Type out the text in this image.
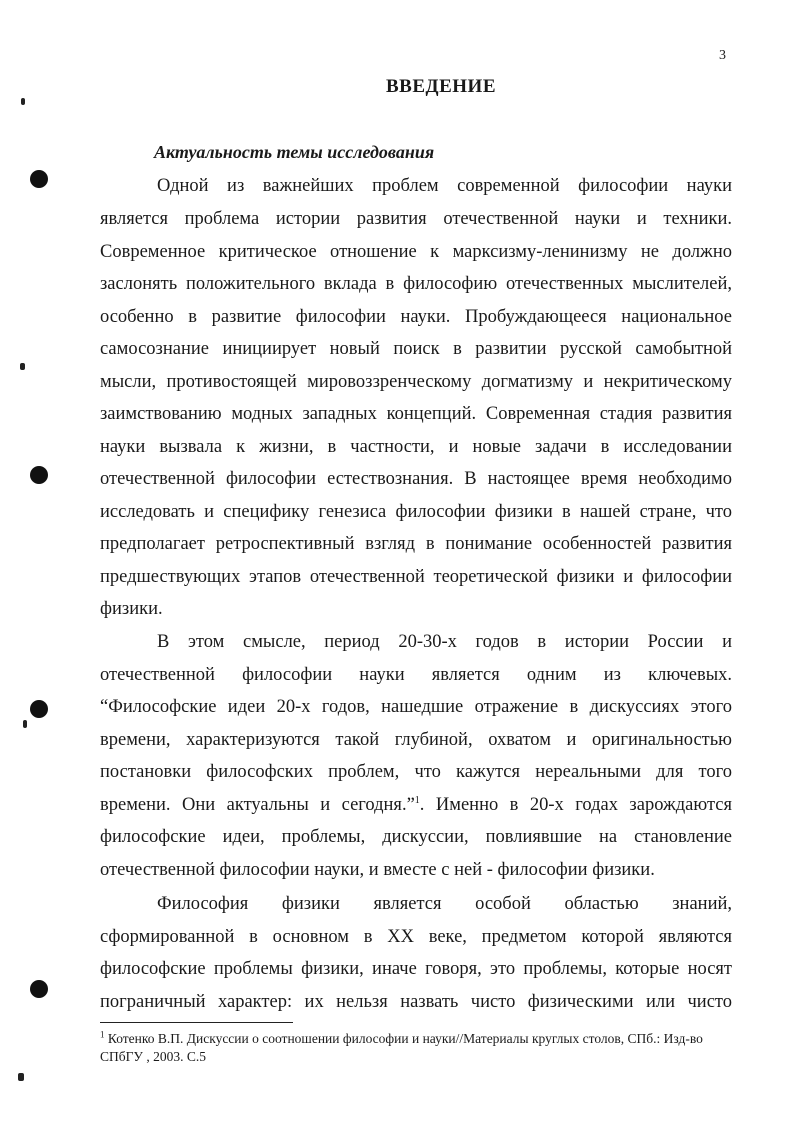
3
ВВЕДЕНИЕ
Актуальность темы исследования
Одной из важнейших проблем современной философии науки
является проблема истории развития отечественной науки и техники.
Современное критическое отношение к марксизму-ленинизму не должно
заслонять положительного вклада в философию отечественных мыслителей,
особенно в развитие философии науки. Пробуждающееся национальное
самосознание инициирует новый поиск в развитии русской самобытной
мысли, противостоящей мировоззренческому догматизму и некритическому
заимствованию модных западных концепций. Современная стадия развития
науки вызвала к жизни, в частности, и новые задачи в исследовании
отечественной философии естествознания. В настоящее время необходимо
исследовать и специфику генезиса философии физики в нашей стране, что
предполагает ретроспективный взгляд в понимание особенностей развития
предшествующих этапов отечественной теоретической физики и философии
физики.
В этом смысле, период 20-30-х годов в истории России и
отечественной философии науки является одним из ключевых.
“Философские идеи 20-х годов, нашедшие отражение в дискуссиях этого
времени, характеризуются такой глубиной, охватом и оригинальностью
постановки философских проблем, что кажутся нереальными для того
времени. Они актуальны и сегодня.”$^1$. Именно в 20-х годах зарождаются
философские идеи, проблемы, дискуссии, повлиявшие на становление
отечественной философии науки, и вместе с ней - философии физики.
Философия физики является особой областью знаний,
сформированной в основном в XX веке, предметом которой являются
философские проблемы физики, иначе говоря, это проблемы, которые носят
пограничный характер: их нельзя назвать чисто физическими или чисто
$^1$ Котенко В.П. Дискуссии о соотношении философии и науки//Материалы круглых столов, СПб.: Изд-во
СПбГУ , 2003. С.5
